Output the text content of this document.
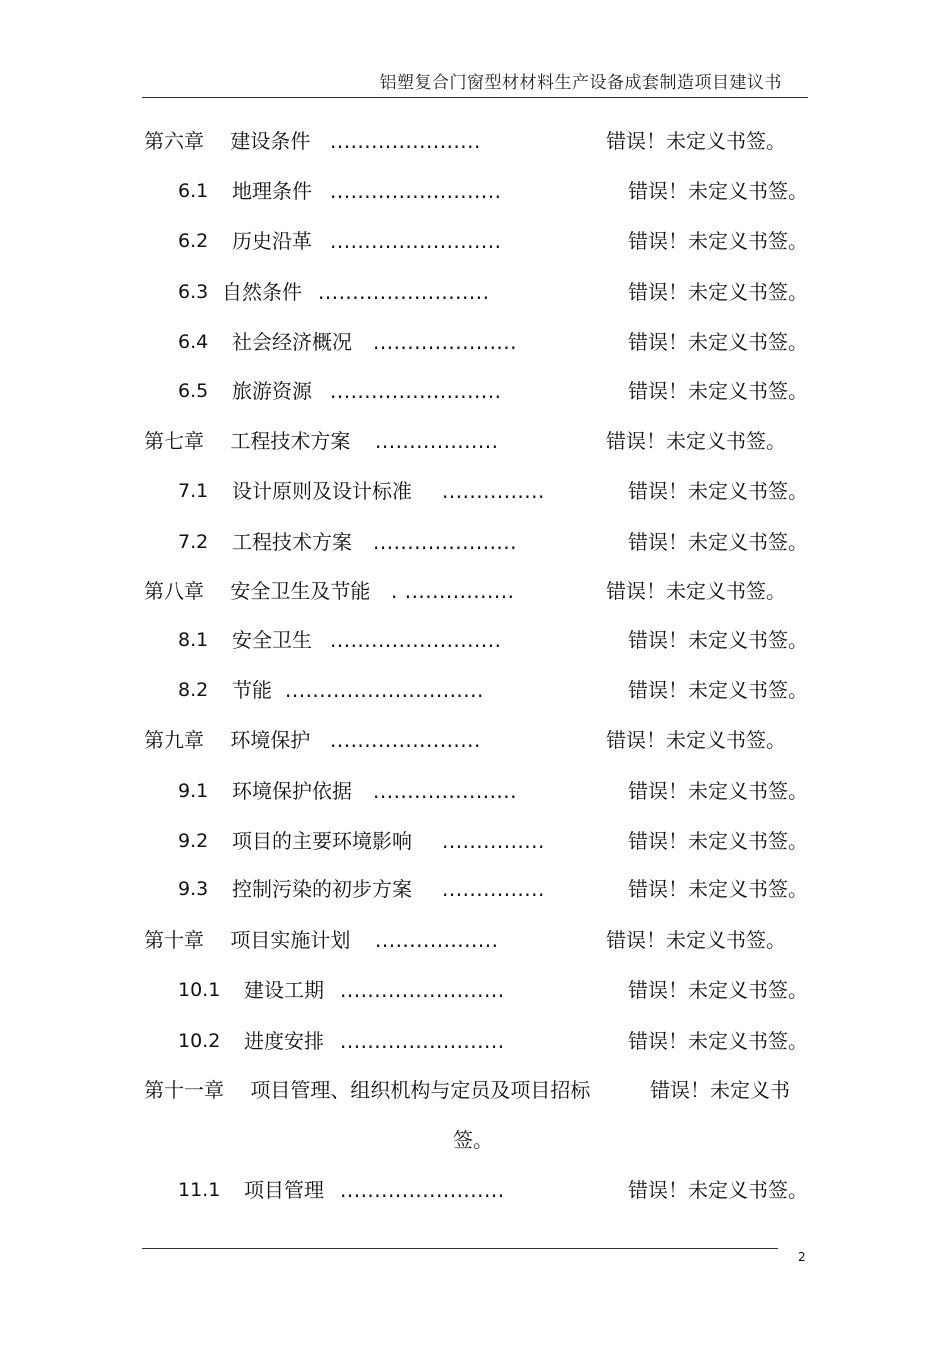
铝塑复合门窗型材材料生产设备成套制造项目建议书
第六章　 建设条件 ......................	错误！未定义书签。
6.1 地理条件 .........................	错误！未定义书签。
6.2 历史沿革 .........................	错误！未定义书签。
6.3 自然条件 .........................	错误！未定义书签。
6.4 社会经济概况 .....................	错误！未定义书签。
6.5 旅游资源 .........................	错误！未定义书签。
第七章　 工程技术方案 ..................	错误！未定义书签。
7.1 设计原则及设计标准 ...............	错误！未定义书签。
7.2 工程技术方案 .....................	错误！未定义书签。
第八章　 安全卫生及节能 . ................	错误！未定义书签。
8.1 安全卫生 .........................	错误！未定义书签。
8.2 节能 .............................	错误！未定义书签。
第九章　 环境保护 ......................	错误！未定义书签。
9.1 环境保护依据 .....................	错误！未定义书签。
9.2 项目的主要环境影响 ...............	错误！未定义书签。
9.3 控制污染的初步方案 ...............	错误！未定义书签。
第十章　 项目实施计划 ..................	错误！未定义书签。
10.1 建设工期 ........................	错误！未定义书签。
10.2 进度安排 ........................	错误！未定义书签。
第十一章　 项目管理、组织机构与定员及项目招标	错误！未定义书
签。
11.1 项目管理 ........................	错误！未定义书签。
2
